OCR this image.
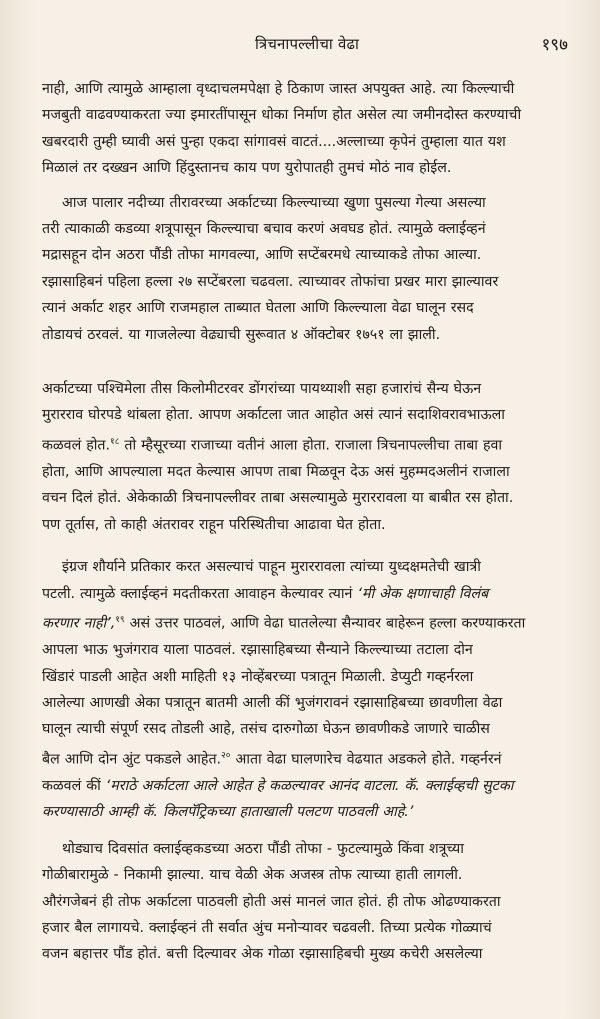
त्रिचनापल्लीचा वेढा	१९७

नाही, आणि त्यामुळे आम्हाला वृध्दाचलमपेक्षा हे ठिकाण जास्त अपयुक्त आहे. त्या किल्ल्याची
मजबुती वाढवण्याकरता ज्या इमारतींपासून धोका निर्माण होत असेल त्या जमीनदोस्त करण्याची
खबरदारी तुम्ही घ्यावी असं पुन्हा एकदा सांगावसं वाटतं....अल्लाच्या कृपेनं तुम्हाला यात यश
मिळालं तर दख्खन आणि हिंदुस्तानच काय पण युरोपातही तुमचं मोठं नाव होईल.

आज पालार नदीच्या तीरावरच्या अर्काटच्या किल्ल्याच्या खुणा पुसल्या गेल्या असल्या
तरी त्याकाळी कडव्या शत्रूपासून किल्ल्याचा बचाव करणं अवघड होतं. त्यामुळे क्लाईव्हनं
मद्रासहून दोन अठरा पौंडी तोफा मागवल्या, आणि सप्टेंबरमधे त्याच्याकडे तोफा आल्या.
रझासाहिबनं पहिला हल्ला २७ सप्टेंबरला चढवला. त्याच्यावर तोफांचा प्रखर मारा झाल्यावर
त्यानं अर्काट शहर आणि राजमहाल ताब्यात घेतला आणि किल्ल्याला वेढा घालून रसद
तोडायचं ठरवलं. या गाजलेल्या वेढ्याची सुरूवात ४ ऑक्टोबर १७५१ ला झाली.

अर्काटच्या पश्चिमेला तीस किलोमीटरवर डोंगरांच्या पायथ्याशी सहा हजारांचं सैन्य घेऊन
मुरारराव घोरपडे थांबला होता. आपण अर्काटला जात आहोत असं त्यानं सदाशिवरावभाऊला
कळवलं होत.$^{१८}$ तो म्हैसूरच्या राजाच्या वतीनं आला होता. राजाला त्रिचनापल्लीचा ताबा हवा
होता, आणि आपल्याला मदत केल्यास आपण ताबा मिळवून देऊ असं मुहम्मदअलीनं राजाला
वचन दिलं होतं. अेकेकाळी त्रिचनापल्लीवर ताबा असल्यामुळे मुराररावला या बाबीत रस होता.
पण तूर्तास, तो काही अंतरावर राहून परिस्थितीचा आढावा घेत होता.

इंग्रज शौर्याने प्रतिकार करत असल्याचं पाहून मुराररावला त्यांच्या युध्दक्षमतेची खात्री
पटली. त्यामुळे क्लाईव्हनं मदतीकरता आवाहन केल्यावर त्यानं ‘मी अेक क्षणाचाही विलंब
करणार नाही’,$^{१९}$ असं उत्तर पाठवलं, आणि वेढा घातलेल्या सैन्यावर बाहेरून हल्ला करण्याकरता
आपला भाऊ भुजंगराव याला पाठवलं. रझासाहिबच्या सैन्याने किल्ल्याच्या तटाला दोन
खिंडारं पाडली आहेत अशी माहिती १३ नोव्हेंबरच्या पत्रातून मिळाली. डेप्युटी गव्हर्नरला
आलेल्या आणखी अेका पत्रातून बातमी आली कीं भुजंगरावनं रझासाहिबच्या छावणीला वेढा
घालून त्याची संपूर्ण रसद तोडली आहे, तसंच दारुगोळा घेऊन छावणीकडे जाणारे चाळीस
बैल आणि दोन अुंट पकडले आहेत.$^{२०}$ आता वेढा घालणारेच वेढयात अडकले होते. गव्हर्नरनं
कळवलं कीं ‘मराठे अर्काटला आले आहेत हे कळल्यावर आनंद वाटला. कॅ. क्लाईव्हची सुटका
करण्यासाठी आम्ही कॅ. किलपॅट्रिकच्या हाताखाली पलटण पाठवली आहे.’

थोड्याच दिवसांत क्लाईव्हकडच्या अठरा पौंडी तोफा - फुटल्यामुळे किंवा शत्रूच्या
गोळीबारामुळे - निकामी झाल्या. याच वेळी अेक अजस्त्र तोफ त्याच्या हाती लागली.
औरंगजेबनं ही तोफ अर्काटला पाठवली होती असं मानलं जात होतं. ही तोफ ओढण्याकरता
हजार बैल लागायचे. क्लाईव्हनं ती सर्वात अुंच मनोऱ्यावर चढवली. तिच्या प्रत्येक गोळ्याचं
वजन बहात्तर पौंड होतं. बत्ती दिल्यावर अेक गोळा रझासाहिबची मुख्य कचेरी असलेल्या
